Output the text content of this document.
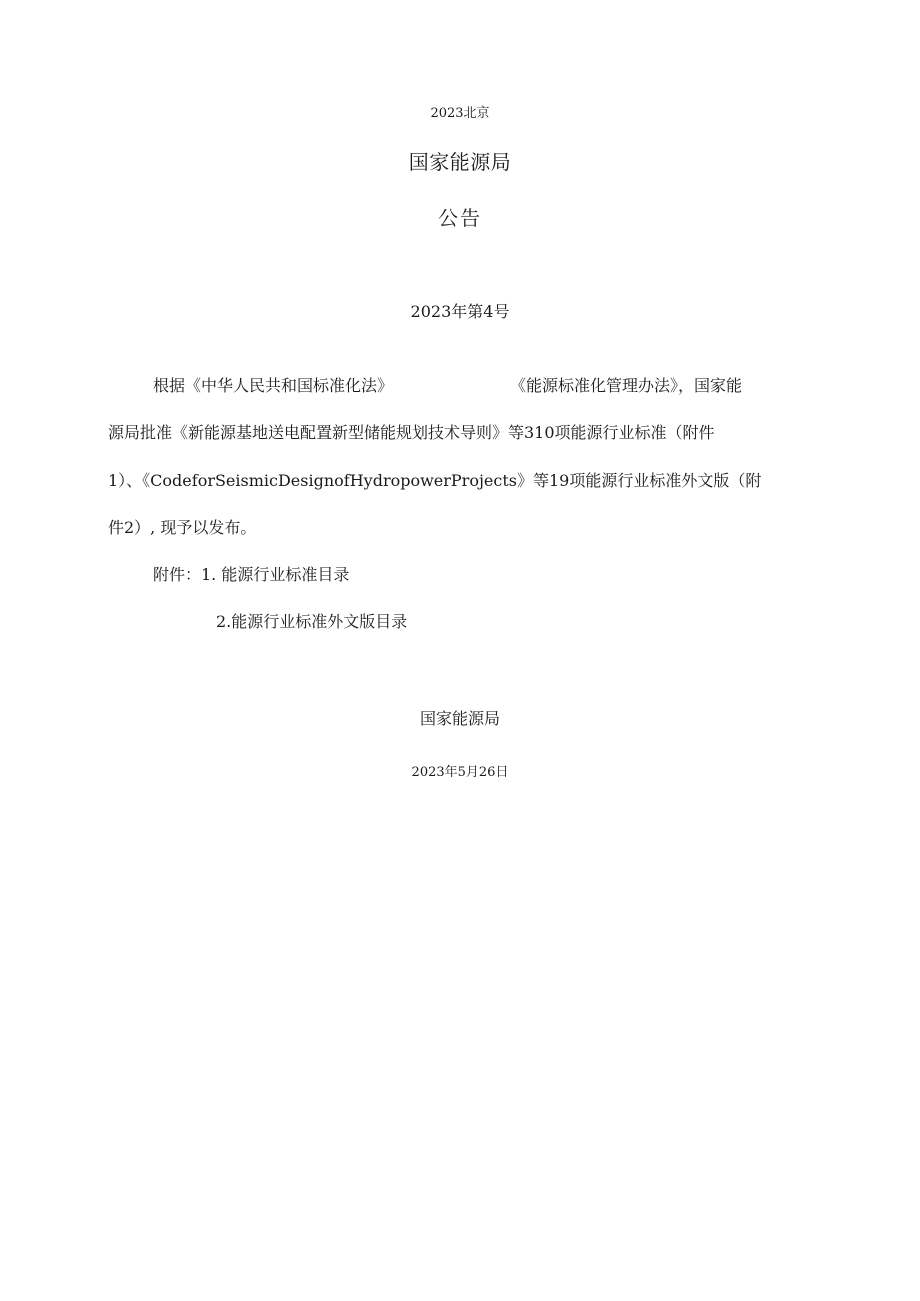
2023北京
国家能源局
公告
2023年第4号
根据《中华人民共和国标准化法》	《能源标准化管理办法》，国家能
源局批准《新能源基地送电配置新型储能规划技术导则》等310项能源行业标准（附件
1）、《CodeforSeismicDesignofHydropowerProjects》等19项能源行业标准外文版（附
件2）, 现予以发布。
附件：1. 能源行业标准目录
2.能源行业标准外文版目录
国家能源局
2023年5月26日
